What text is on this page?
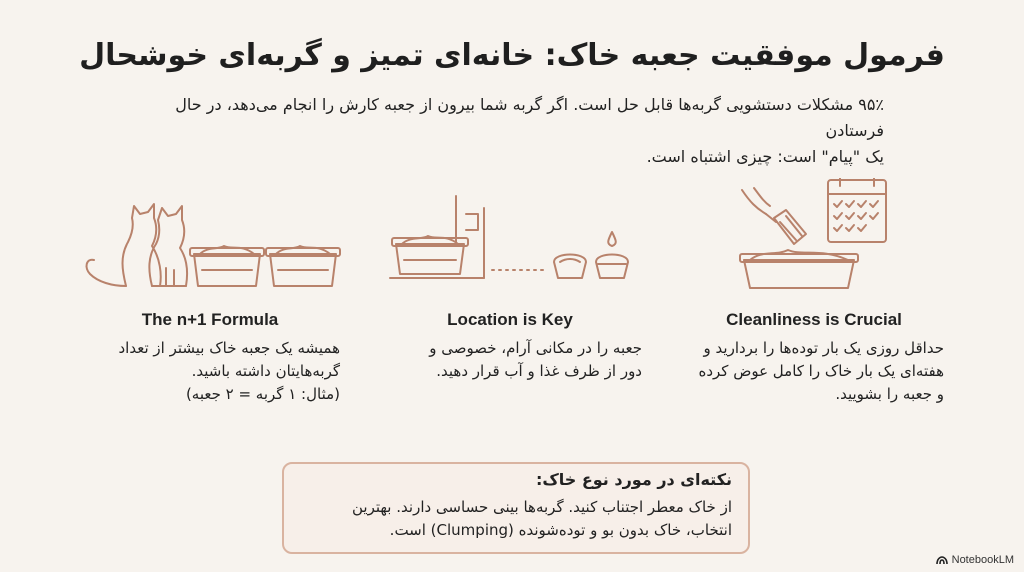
فرمول موفقیت جعبه خاک: خانه‌ای تمیز و گربه‌ای خوشحال
۹۵٪ مشکلات دستشویی گربه‌ها قابل حل است. اگر گربه شما بیرون از جعبه کارش را انجام می‌دهد، در حال فرستادن
یک "پیام" است: چیزی اشتباه است.
The n+1 Formula	Location is Key	Cleanliness is Crucial
همیشه یک جعبه خاک بیشتر از تعداد
گربه‌هایتان داشته باشید.
(مثال: ۱ گربه = ۲ جعبه)
جعبه را در مکانی آرام، خصوصی و
دور از ظرف غذا و آب قرار دهید.
حداقل روزی یک بار توده‌ها را بردارید و
هفته‌ای یک بار خاک را کامل عوض کرده
و جعبه را بشویید.
نکته‌ای در مورد نوع خاک:
از خاک معطر اجتناب کنید. گربه‌ها بینی حساسی دارند. بهترین
انتخاب، خاک بدون بو و توده‌شونده (Clumping) است.
NotebookLM
